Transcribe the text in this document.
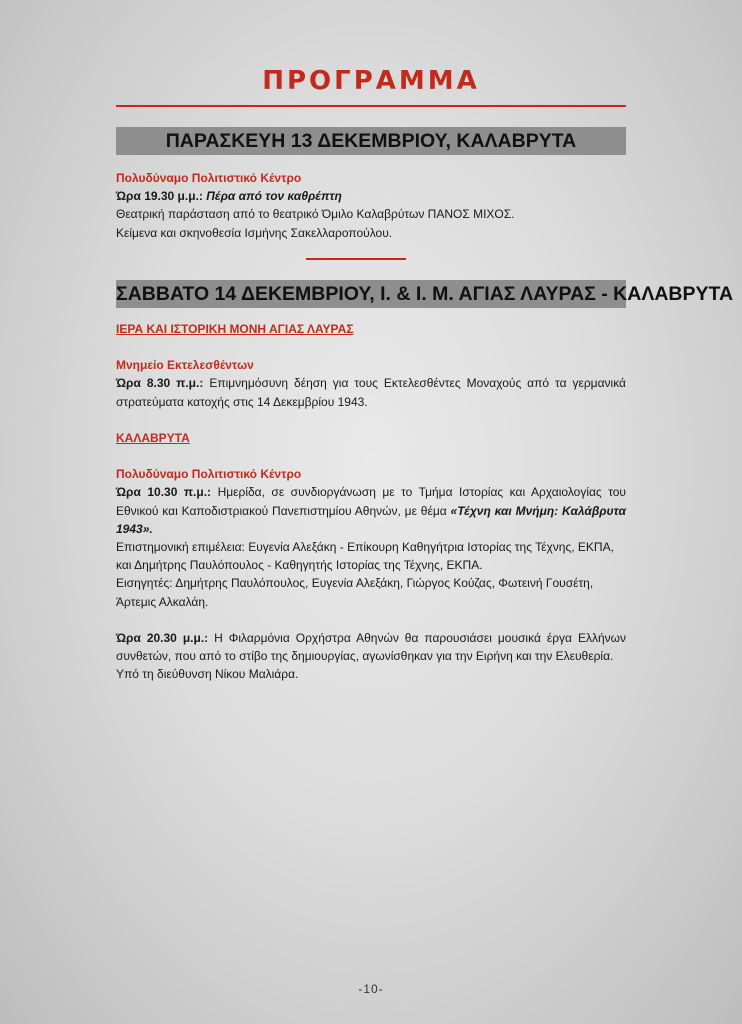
ΠΡΟΓΡΑΜΜΑ
ΠΑΡΑΣΚΕΥΗ 13 ΔΕΚΕΜΒΡΙΟΥ, ΚΑΛΑΒΡΥΤΑ

Πολυδύναμο Πολιτιστικό Κέντρο

Ώρα 19.30 μ.μ.: Πέρα από τον καθρέπτη

Θεατρική παράσταση από το θεατρικό Όμιλο Καλαβρύτων ΠΑΝΟΣ ΜΙΧΟΣ.

Κείμενα και σκηνοθεσία Ισμήνης Σακελλαροπούλου.

ΣΑΒΒΑΤΟ 14 ΔΕΚΕΜΒΡΙΟΥ, Ι. & Ι. Μ. ΑΓΙΑΣ ΛΑΥΡΑΣ - ΚΑΛΑΒΡΥΤΑ

ΙΕΡΑ ΚΑΙ ΙΣΤΟΡΙΚΗ ΜΟΝΗ ΑΓΙΑΣ ΛΑΥΡΑΣ

Μνημείο Εκτελεσθέντων

Ώρα 8.30 π.μ.: Επιμνημόσυνη δέηση για τους Εκτελεσθέντες Μοναχούς από τα γερμανικά στρατεύματα κατοχής στις 14 Δεκεμβρίου 1943.

ΚΑΛΑΒΡΥΤΑ

Πολυδύναμο Πολιτιστικό Κέντρο

Ώρα 10.30 π.μ.: Ημερίδα, σε συνδιοργάνωση με το Τμήμα Ιστορίας και Αρχαιολογίας του Εθνικού και Καποδιστριακού Πανεπιστημίου Αθηνών, με θέμα «Τέχνη και Μνήμη: Καλάβρυτα 1943».

Επιστημονική επιμέλεια: Ευγενία Αλεξάκη - Επίκουρη Καθηγήτρια Ιστορίας της Τέχνης, ΕΚΠΑ, και Δημήτρης Παυλόπουλος - Καθηγητής Ιστορίας της Τέχνης, ΕΚΠΑ.

Εισηγητές: Δημήτρης Παυλόπουλος, Ευγενία Αλεξάκη, Γιώργος Κούζας, Φωτεινή Γουσέτη, Άρτεμις Αλκαλάη.

Ώρα 20.30 μ.μ.: Η Φιλαρμόνια Ορχήστρα Αθηνών θα παρουσιάσει μουσικά έργα Ελλήνων συνθετών, που από το στίβο της δημιουργίας, αγωνίσθηκαν για την Ειρήνη και την Ελευθερία.

Υπό τη διεύθυνση Νίκου Μαλιάρα.

-10-
